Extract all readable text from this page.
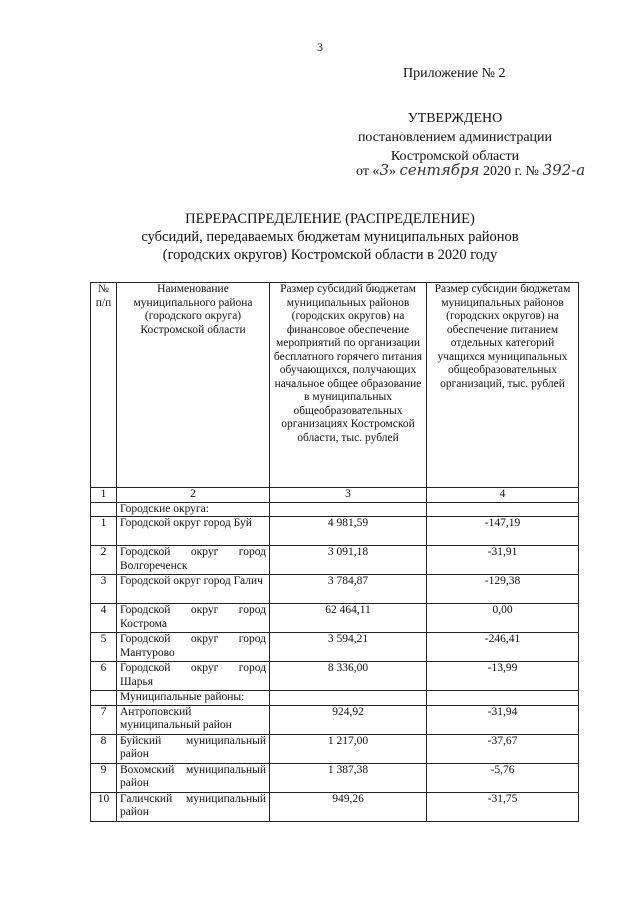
3
Приложение № 2
УТВЕРЖДЕНО
постановлением администрации
Костромской области
от «3» сентября 2020 г. № 392-а
ПЕРЕРАСПРЕДЕЛЕНИЕ (РАСПРЕДЕЛЕНИЕ)
субсидий, передаваемых бюджетам муниципальных районов
(городских округов) Костромской области в 2020 году
№ п/п	Наименование муниципального района (городского округа) Костромской области	Размер субсидий бюджетам муниципальных районов (городских округов) на финансовое обеспечение мероприятий по организации бесплатного горячего питания обучающихся, получающих начальное общее образование в муниципальных общеобразовательных организациях Костромской области, тыс. рублей	Размер субсидии бюджетам муниципальных районов (городских округов) на обеспечение питанием отдельных категорий учащихся муниципальных общеобразовательных организаций, тыс. рублей
1	2	3	4
	Городские округа:		
1	Городской округ город Буй	4 981,59	-147,19
2	Городской округ город Волгореченск	3 091,18	-31,91
3	Городской округ город Галич	3 784,87	-129,38
4	Городской округ город Кострома	62 464,11	0,00
5	Городской округ город Мантурово	3 594,21	-246,41
6	Городской округ город Шарья	8 336,00	-13,99
	Муниципальные районы:		
7	Антроповский муниципальный район	924,92	-31,94
8	Буйский муниципальный район	1 217,00	-37,67
9	Вохомский муниципальный район	1 387,38	-5,76
10	Галичский муниципальный район	949,26	-31,75
